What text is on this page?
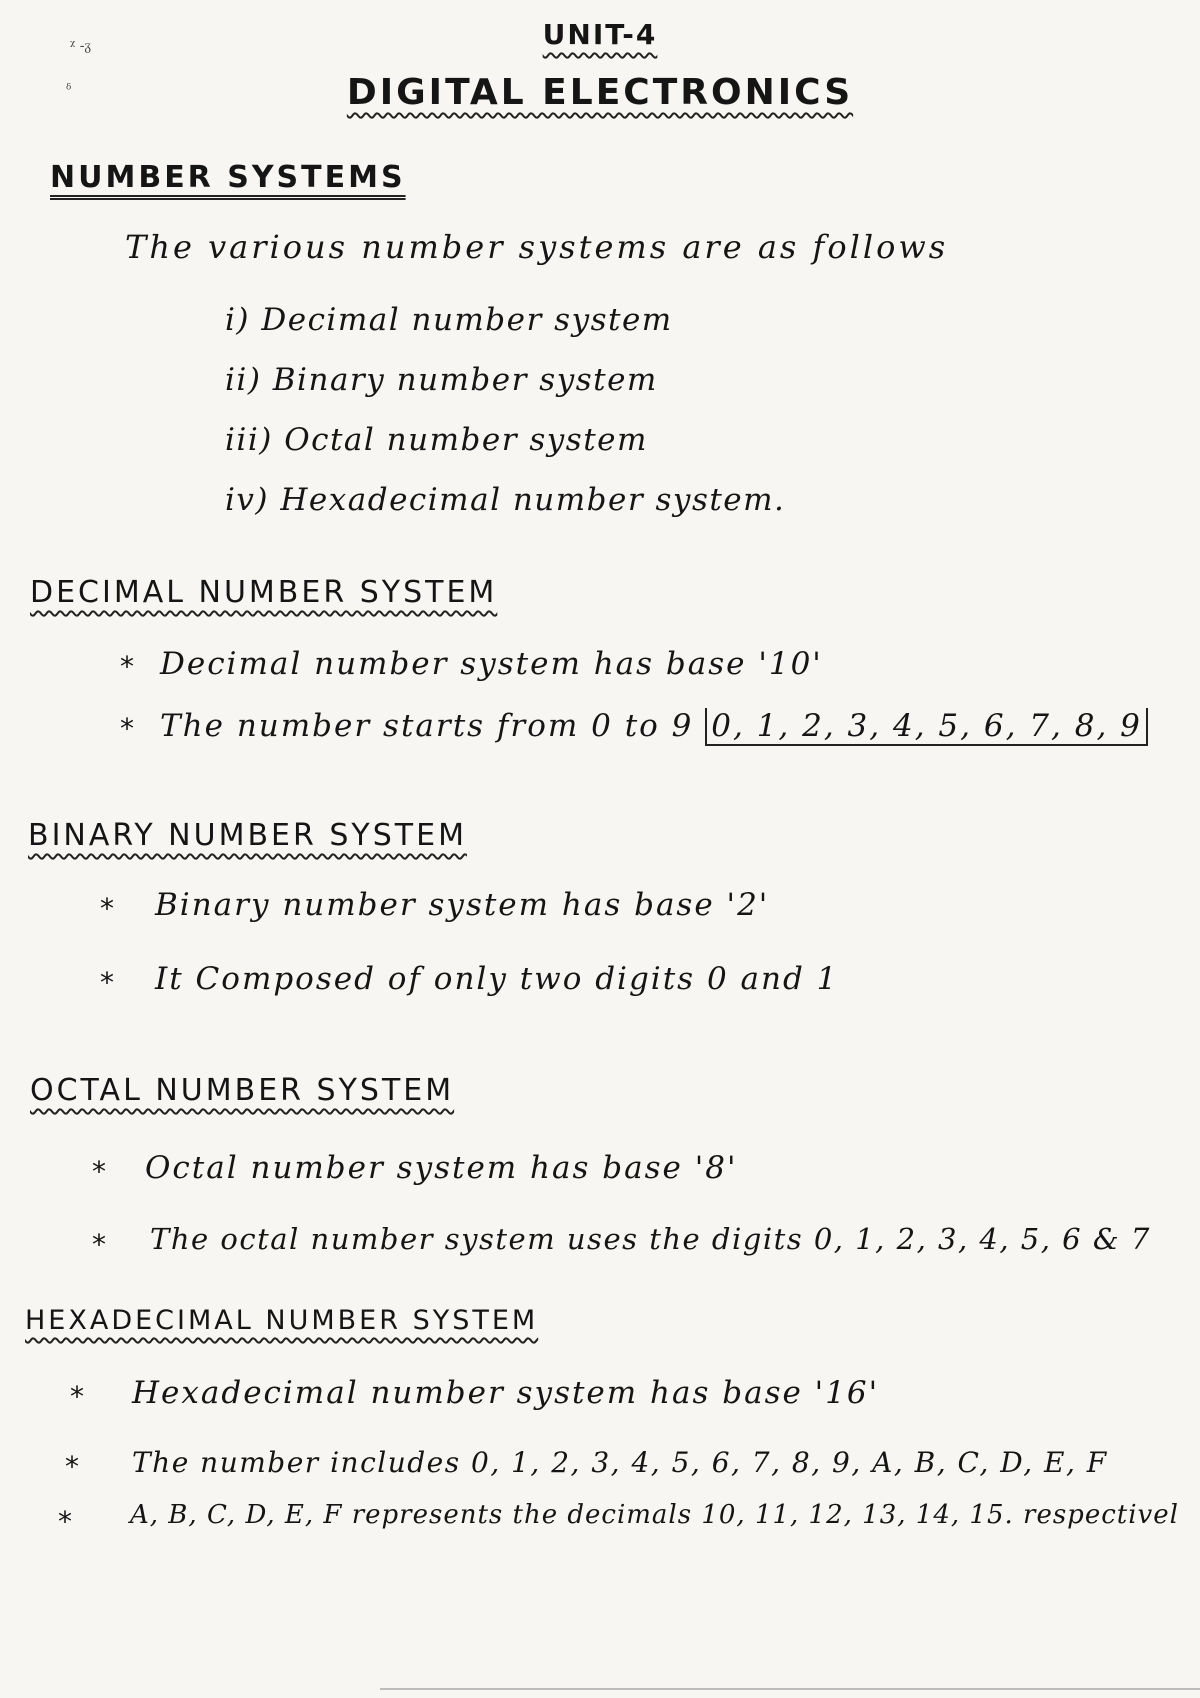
ᵡ -ᵹ
ᵟ
UNIT-4
DIGITAL ELECTRONICS
NUMBER SYSTEMS
The various number systems are as follows
i) Decimal number system
ii) Binary number system
iii) Octal number system
iv) Hexadecimal number system.
DECIMAL NUMBER SYSTEM
* Decimal number system has base '10'
* The number starts from 0 to 9 0, 1, 2, 3, 4, 5, 6, 7, 8, 9
BINARY NUMBER SYSTEM
* Binary number system has base '2'
* It Composed of only two digits 0 and 1
OCTAL NUMBER SYSTEM
* Octal number system has base '8'
* The octal number system uses the digits 0, 1, 2, 3, 4, 5, 6 & 7
HEXADECIMAL NUMBER SYSTEM
* Hexadecimal number system has base '16'
* The number includes 0, 1, 2, 3, 4, 5, 6, 7, 8, 9, A, B, C, D, E, F
* A, B, C, D, E, F represents the decimals 10, 11, 12, 13, 14, 15. respectivel
